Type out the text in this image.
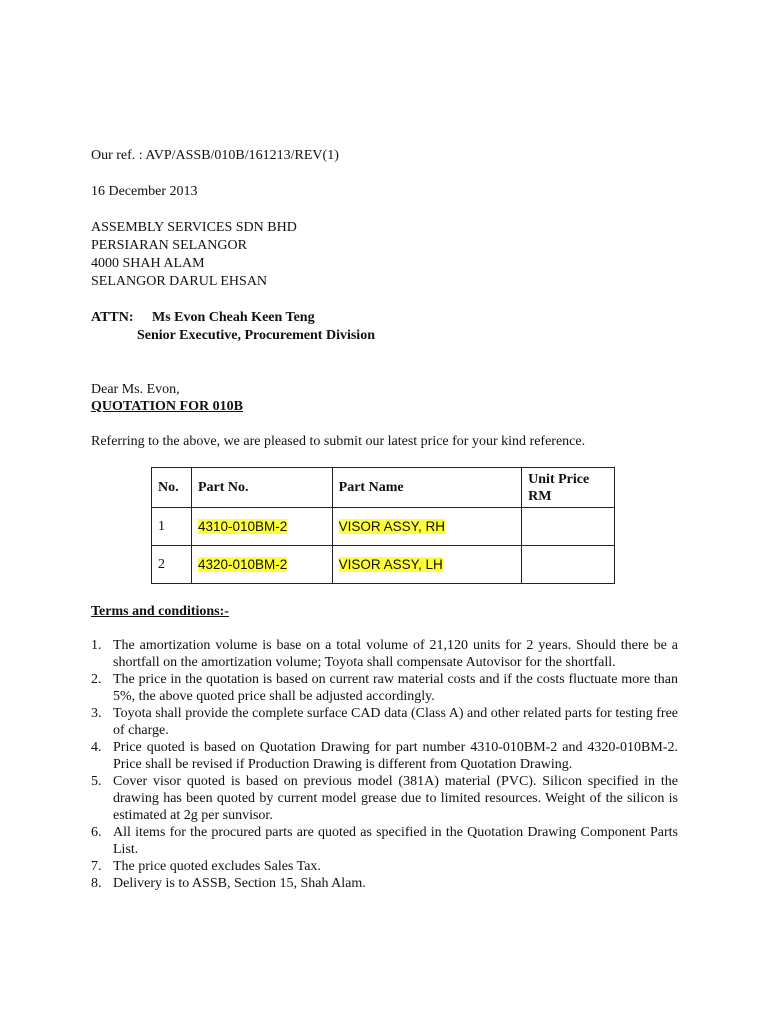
Our ref. : AVP/ASSB/010B/161213/REV(1)
16 December 2013
ASSEMBLY SERVICES SDN BHD
PERSIARAN SELANGOR
4000 SHAH ALAM
SELANGOR DARUL EHSAN
ATTN: Ms Evon Cheah Keen Teng
Senior Executive, Procurement Division
Dear Ms. Evon,
QUOTATION FOR 010B
Referring to the above, we are pleased to submit our latest price for your kind reference.
No.	Part No.	Part Name	Unit Price RM
1	4310-010BM-2	VISOR ASSY, RH	
2	4320-010BM-2	VISOR ASSY, LH	
Terms and conditions:-
1. The amortization volume is base on a total volume of 21,120 units for 2 years. Should there be a shortfall on the amortization volume; Toyota shall compensate Autovisor for the shortfall.
2. The price in the quotation is based on current raw material costs and if the costs fluctuate more than 5%, the above quoted price shall be adjusted accordingly.
3. Toyota shall provide the complete surface CAD data (Class A) and other related parts for testing free of charge.
4. Price quoted is based on Quotation Drawing for part number 4310-010BM-2 and 4320-010BM-2. Price shall be revised if Production Drawing is different from Quotation Drawing.
5. Cover visor quoted is based on previous model (381A) material (PVC). Silicon specified in the drawing has been quoted by current model grease due to limited resources. Weight of the silicon is estimated at 2g per sunvisor.
6. All items for the procured parts are quoted as specified in the Quotation Drawing Component Parts List.
7. The price quoted excludes Sales Tax.
8. Delivery is to ASSB, Section 15, Shah Alam.
